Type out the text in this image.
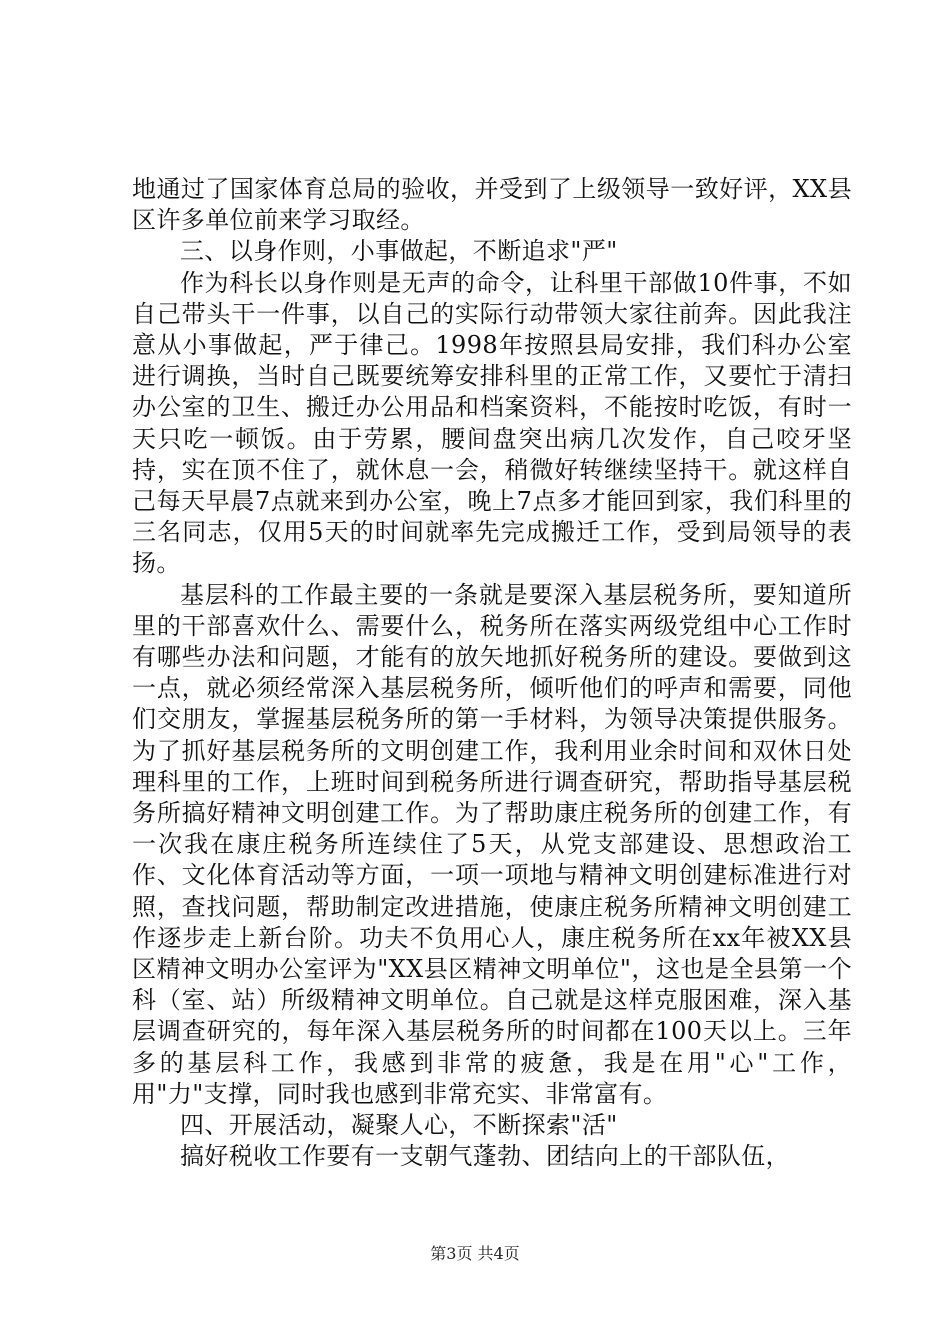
地通过了国家体育总局的验收，并受到了上级领导一致好评，XX县区许多单位前来学习取经。

三、以身作则，小事做起，不断追求"严"

作为科长以身作则是无声的命令，让科里干部做10件事，不如自己带头干一件事，以自己的实际行动带领大家往前奔。因此我注意从小事做起，严于律己。1998年按照县局安排，我们科办公室进行调换，当时自己既要统筹安排科里的正常工作，又要忙于清扫办公室的卫生、搬迁办公用品和档案资料，不能按时吃饭，有时一天只吃一顿饭。由于劳累，腰间盘突出病几次发作，自己咬牙坚持，实在顶不住了，就休息一会，稍微好转继续坚持干。就这样自己每天早晨7点就来到办公室，晚上7点多才能回到家，我们科里的三名同志，仅用5天的时间就率先完成搬迁工作，受到局领导的表扬。

基层科的工作最主要的一条就是要深入基层税务所，要知道所里的干部喜欢什么、需要什么，税务所在落实两级党组中心工作时有哪些办法和问题，才能有的放矢地抓好税务所的建设。要做到这一点，就必须经常深入基层税务所，倾听他们的呼声和需要，同他们交朋友，掌握基层税务所的第一手材料，为领导决策提供服务。为了抓好基层税务所的文明创建工作，我利用业余时间和双休日处理科里的工作，上班时间到税务所进行调查研究，帮助指导基层税务所搞好精神文明创建工作。为了帮助康庄税务所的创建工作，有一次我在康庄税务所连续住了5天，从党支部建设、思想政治工作、文化体育活动等方面，一项一项地与精神文明创建标准进行对照，查找问题，帮助制定改进措施，使康庄税务所精神文明创建工作逐步走上新台阶。功夫不负用心人，康庄税务所在xx年被XX县区精神文明办公室评为"XX县区精神文明单位"，这也是全县第一个科（室、站）所级精神文明单位。自己就是这样克服困难，深入基层调查研究的，每年深入基层税务所的时间都在100天以上。三年多的基层科工作，我感到非常的疲惫，我是在用"心"工作，用"力"支撑，同时我也感到非常充实、非常富有。

四、开展活动，凝聚人心，不断探索"活"

搞好税收工作要有一支朝气蓬勃、团结向上的干部队伍，

第3页 共4页
